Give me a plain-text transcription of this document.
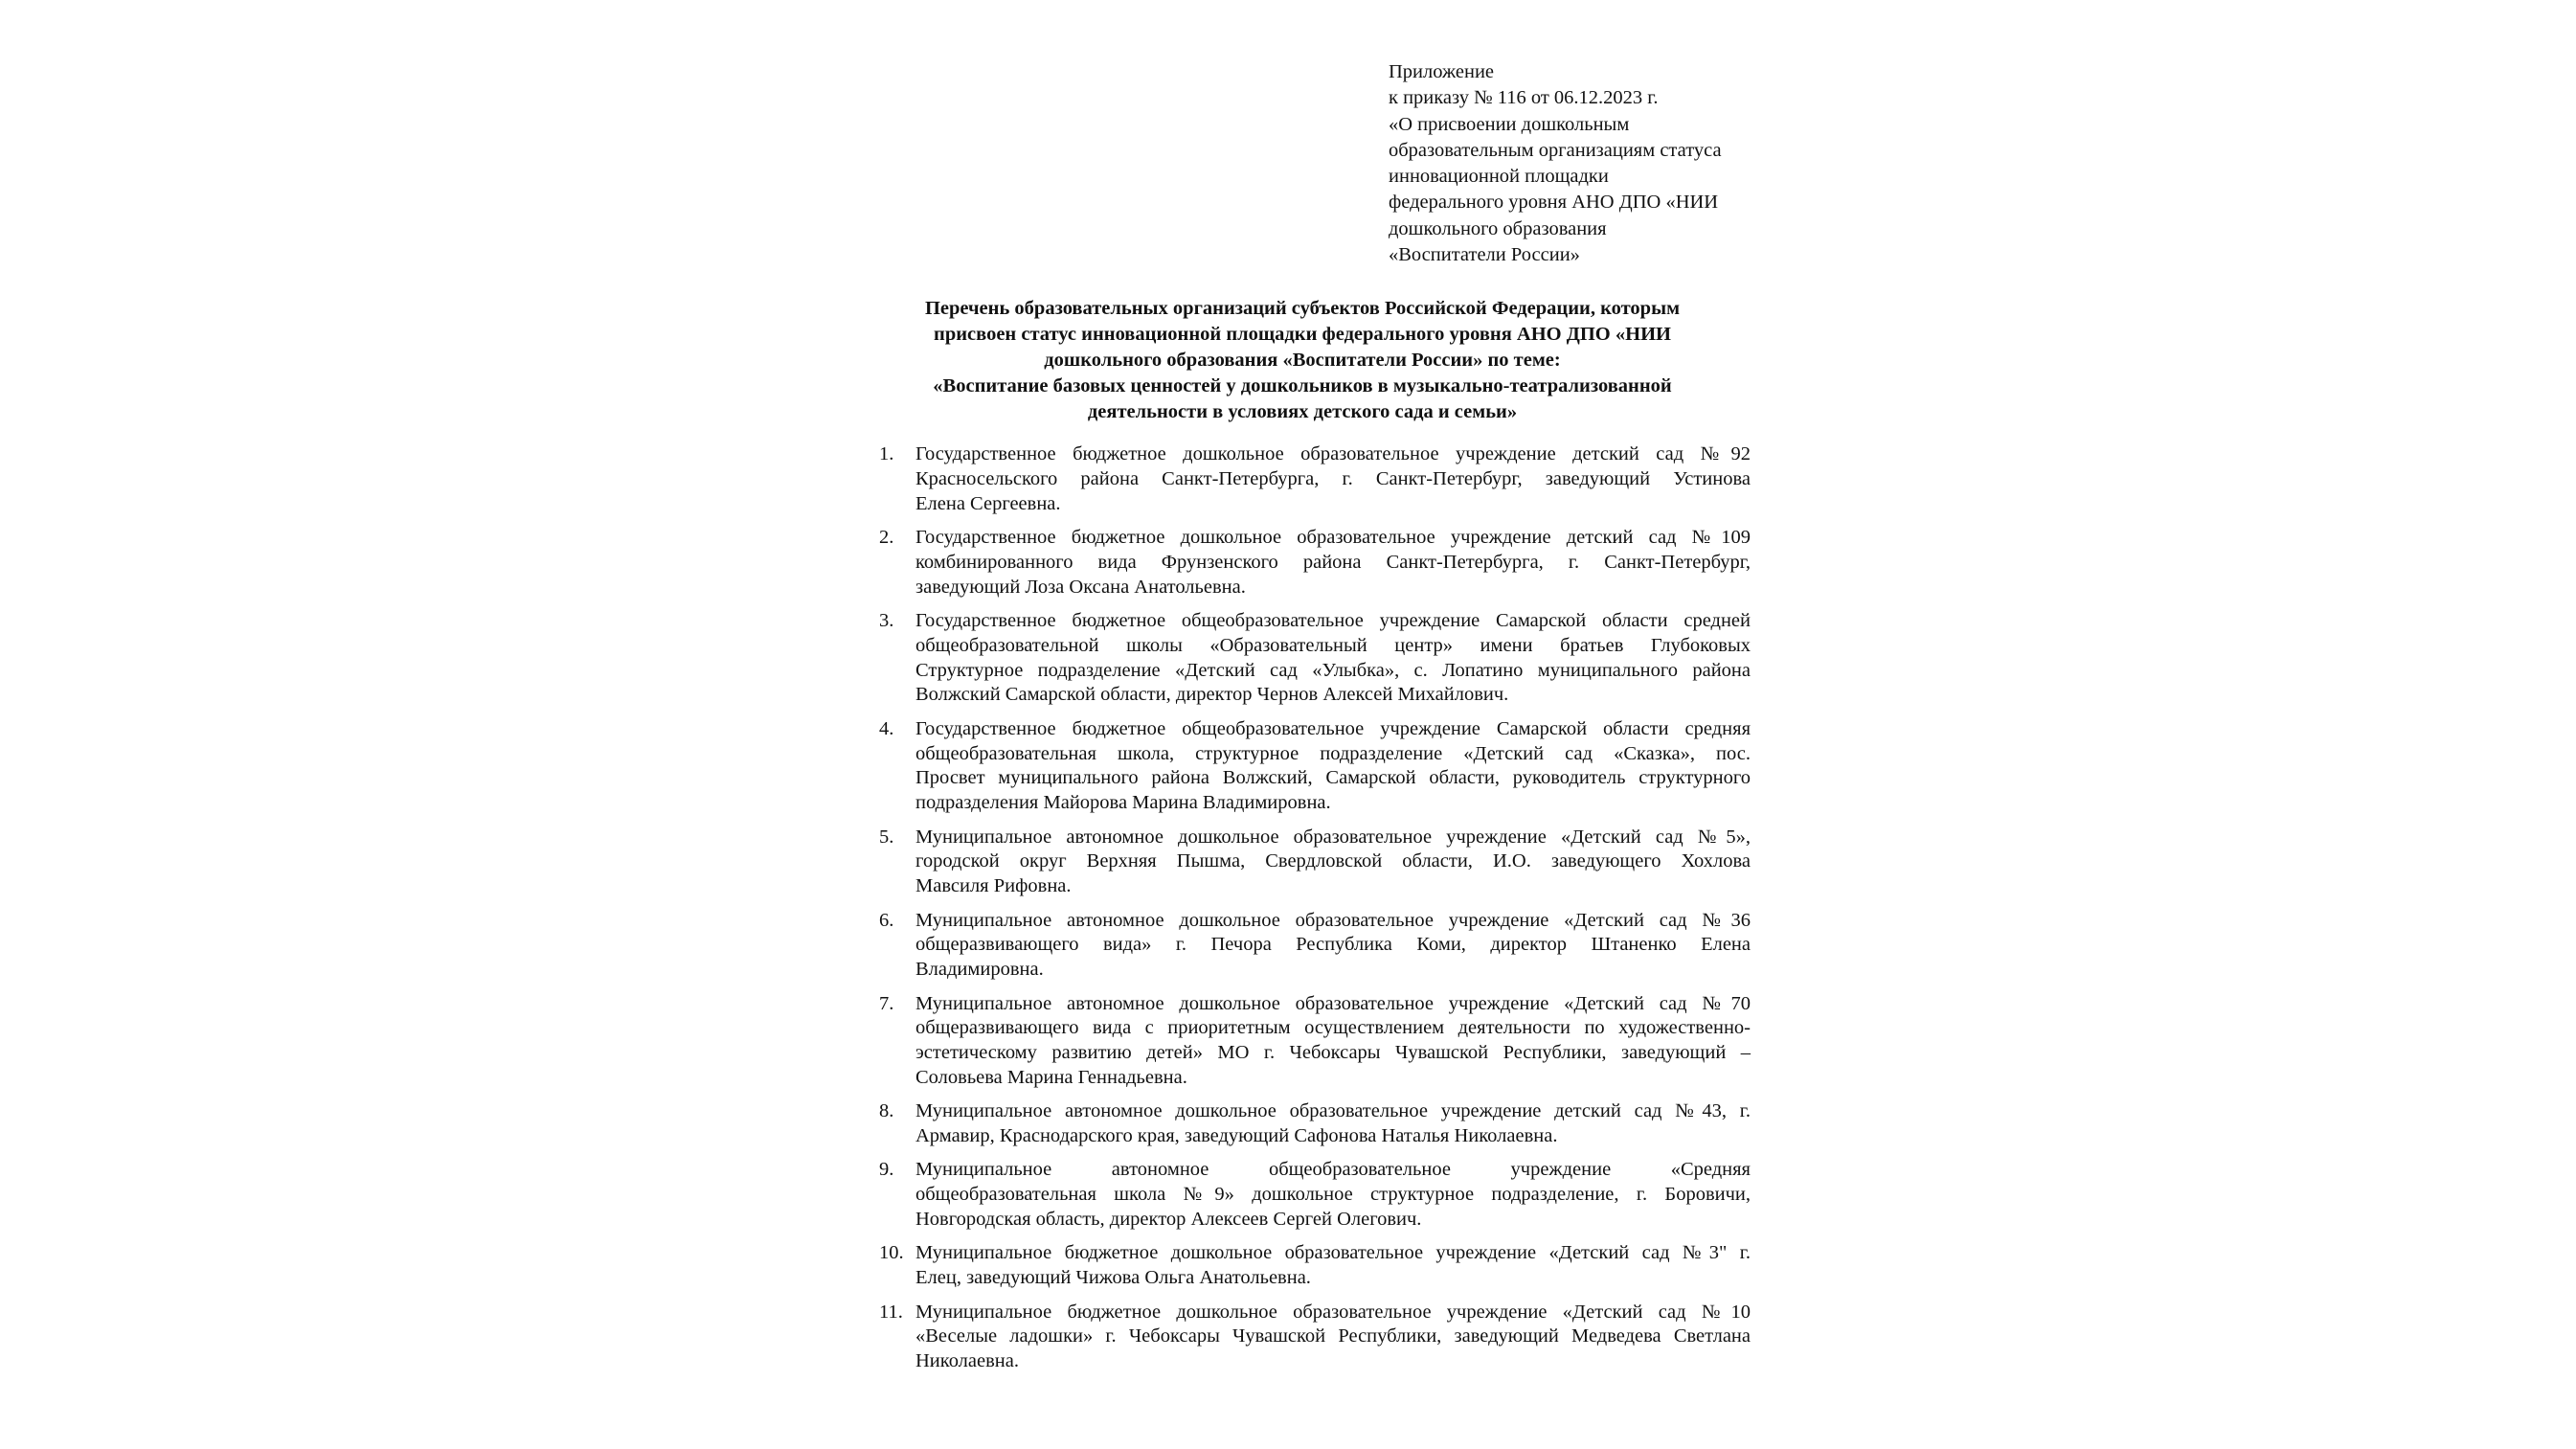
Приложение
к приказу № 116 от 06.12.2023 г.
«О присвоении дошкольным
образовательным организациям статуса
инновационной площадки
федерального уровня АНО ДПО «НИИ
дошкольного образования
«Воспитатели России»
Перечень образовательных организаций субъектов Российской Федерации, которым
присвоен статус инновационной площадки федерального уровня АНО ДПО «НИИ
дошкольного образования «Воспитатели России» по теме:
«Воспитание базовых ценностей у дошкольников в музыкально-театрализованной
деятельности в условиях детского сада и семьи»
1.	Государственное бюджетное дошкольное образовательное учреждение детский сад №92
Красносельского района Санкт-Петербурга, г. Санкт-Петербург, заведующий Устинова
Елена Сергеевна.
2.	Государственное бюджетное дошкольное образовательное учреждение детский сад №109
комбинированного вида Фрунзенского района Санкт-Петербурга, г. Санкт-Петербург,
заведующий Лоза Оксана Анатольевна.
3.	Государственное бюджетное общеобразовательное учреждение Самарской области средней
общеобразовательной школы «Образовательный центр» имени братьев Глубоковых
Структурное подразделение «Детский сад «Улыбка», с. Лопатино муниципального района
Волжский Самарской области, директор Чернов Алексей Михайлович.
4.	Государственное бюджетное общеобразовательное учреждение Самарской области средняя
общеобразовательная школа, структурное подразделение «Детский сад «Сказка», пос.
Просвет муниципального района Волжский, Самарской области, руководитель структурного
подразделения Майорова Марина Владимировна.
5.	Муниципальное автономное дошкольное образовательное учреждение «Детский сад №5»,
городской округ Верхняя Пышма, Свердловской области, И.О. заведующего Хохлова
Мавсиля Рифовна.
6.	Муниципальное автономное дошкольное образовательное учреждение «Детский сад №36
общеразвивающего вида» г. Печора Республика Коми, директор Штаненко Елена
Владимировна.
7.	Муниципальное автономное дошкольное образовательное учреждение «Детский сад №70
общеразвивающего вида с приоритетным осуществлением деятельности по художественно-
эстетическому развитию детей» МО г. Чебоксары Чувашской Республики, заведующий –
Соловьева Марина Геннадьевна.
8.	Муниципальное автономное дошкольное образовательное учреждение детский сад №43, г.
Армавир, Краснодарского края, заведующий Сафонова Наталья Николаевна.
9.	Муниципальное автономное общеобразовательное учреждение «Средняя
общеобразовательная школа №9» дошкольное структурное подразделение, г. Боровичи,
Новгородская область, директор Алексеев Сергей Олегович.
10. Муниципальное бюджетное дошкольное образовательное учреждение «Детский сад №3" г.
Елец, заведующий Чижова Ольга Анатольевна.
11. Муниципальное бюджетное дошкольное образовательное учреждение «Детский сад №10
«Веселые ладошки» г. Чебоксары Чувашской Республики, заведующий Медведева Светлана
Николаевна.
